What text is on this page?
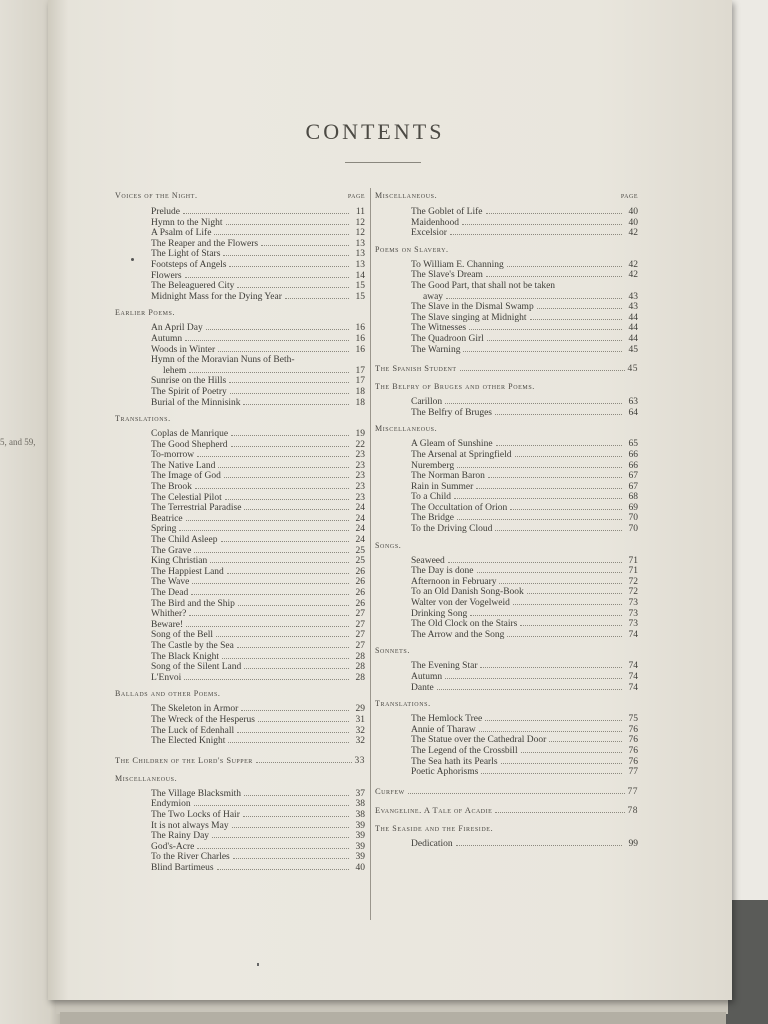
5, and 59,
CONTENTS
Voices of the Night.	PAGE
Prelude	11
Hymn to the Night	12
A Psalm of Life	12
The Reaper and the Flowers	13
The Light of Stars	13
Footsteps of Angels	13
Flowers	14
The Beleaguered City	15
Midnight Mass for the Dying Year	15
Earlier Poems.
An April Day	16
Autumn	16
Woods in Winter	16
Hymn of the Moravian Nuns of Beth-
lehem	17
Sunrise on the Hills	17
The Spirit of Poetry	18
Burial of the Minnisink	18
Translations.
Coplas de Manrique	19
The Good Shepherd	22
To-morrow	23
The Native Land	23
The Image of God	23
The Brook	23
The Celestial Pilot	23
The Terrestrial Paradise	24
Beatrice	24
Spring	24
The Child Asleep	24
The Grave	25
King Christian	25
The Happiest Land	26
The Wave	26
The Dead	26
The Bird and the Ship	26
Whither?	27
Beware!	27
Song of the Bell	27
The Castle by the Sea	27
The Black Knight	28
Song of the Silent Land	28
L'Envoi	28
Ballads and other Poems.
The Skeleton in Armor	29
The Wreck of the Hesperus	31
The Luck of Edenhall	32
The Elected Knight	32
The Children of the Lord's Supper	33
Miscellaneous.
The Village Blacksmith	37
Endymion	38
The Two Locks of Hair	38
It is not always May	39
The Rainy Day	39
God's-Acre	39
To the River Charles	39
Blind Bartimeus	40
Miscellaneous.	PAGE
The Goblet of Life	40
Maidenhood	40
Excelsior	42
Poems on Slavery.
To William E. Channing	42
The Slave's Dream	42
The Good Part, that shall not be taken
away	43
The Slave in the Dismal Swamp	43
The Slave singing at Midnight	44
The Witnesses	44
The Quadroon Girl	44
The Warning	45
The Spanish Student	45
The Belfry of Bruges and other Poems.
Carillon	63
The Belfry of Bruges	64
Miscellaneous.
A Gleam of Sunshine	65
The Arsenal at Springfield	66
Nuremberg	66
The Norman Baron	67
Rain in Summer	67
To a Child	68
The Occultation of Orion	69
The Bridge	70
To the Driving Cloud	70
Songs.
Seaweed	71
The Day is done	71
Afternoon in February	72
To an Old Danish Song-Book	72
Walter von der Vogelweid	73
Drinking Song	73
The Old Clock on the Stairs	73
The Arrow and the Song	74
Sonnets.
The Evening Star	74
Autumn	74
Dante	74
Translations.
The Hemlock Tree	75
Annie of Tharaw	76
The Statue over the Cathedral Door	76
The Legend of the Crossbill	76
The Sea hath its Pearls	76
Poetic Aphorisms	77
Curfew	77
Evangeline. A Tale of Acadie	78
The Seaside and the Fireside.
Dedication	99
